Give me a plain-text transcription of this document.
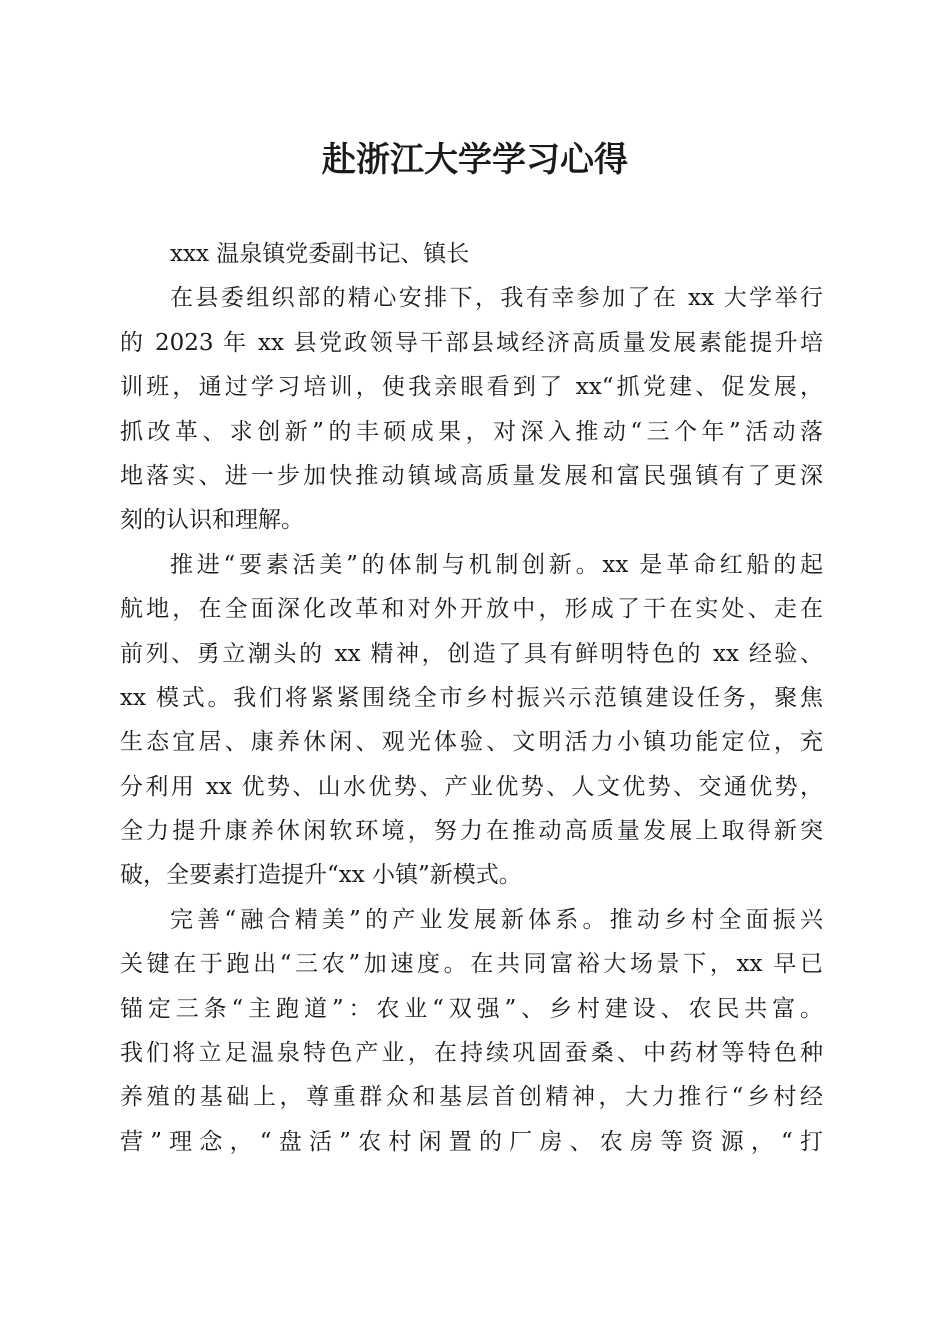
赴浙江大学学习心得
xxx 温泉镇党委副书记、镇长
在县委组织部的精心安排下，我有幸参加了在 xx 大学举行
的 2023 年 xx 县党政领导干部县域经济高质量发展素能提升培
训班，通过学习培训，使我亲眼看到了 xx“抓党建、促发展，
抓改革、求创新”的丰硕成果，对深入推动“三个年”活动落
地落实、进一步加快推动镇域高质量发展和富民强镇有了更深
刻的认识和理解。
推进“要素活美”的体制与机制创新。xx 是革命红船的起
航地，在全面深化改革和对外开放中，形成了干在实处、走在
前列、勇立潮头的 xx 精神，创造了具有鲜明特色的 xx 经验、
xx 模式。我们将紧紧围绕全市乡村振兴示范镇建设任务，聚焦
生态宜居、康养休闲、观光体验、文明活力小镇功能定位，充
分利用 xx 优势、山水优势、产业优势、人文优势、交通优势，
全力提升康养休闲软环境，努力在推动高质量发展上取得新突
破，全要素打造提升“xx 小镇”新模式。
完善“融合精美”的产业发展新体系。推动乡村全面振兴
关键在于跑出“三农”加速度。在共同富裕大场景下，xx 早已
锚定三条“主跑道”：农业“双强”、乡村建设、农民共富。
我们将立足温泉特色产业，在持续巩固蚕桑、中药材等特色种
养殖的基础上，尊重群众和基层首创精神，大力推行“乡村经
营”理念，“盘活”农村闲置的厂房、农房等资源，“打
